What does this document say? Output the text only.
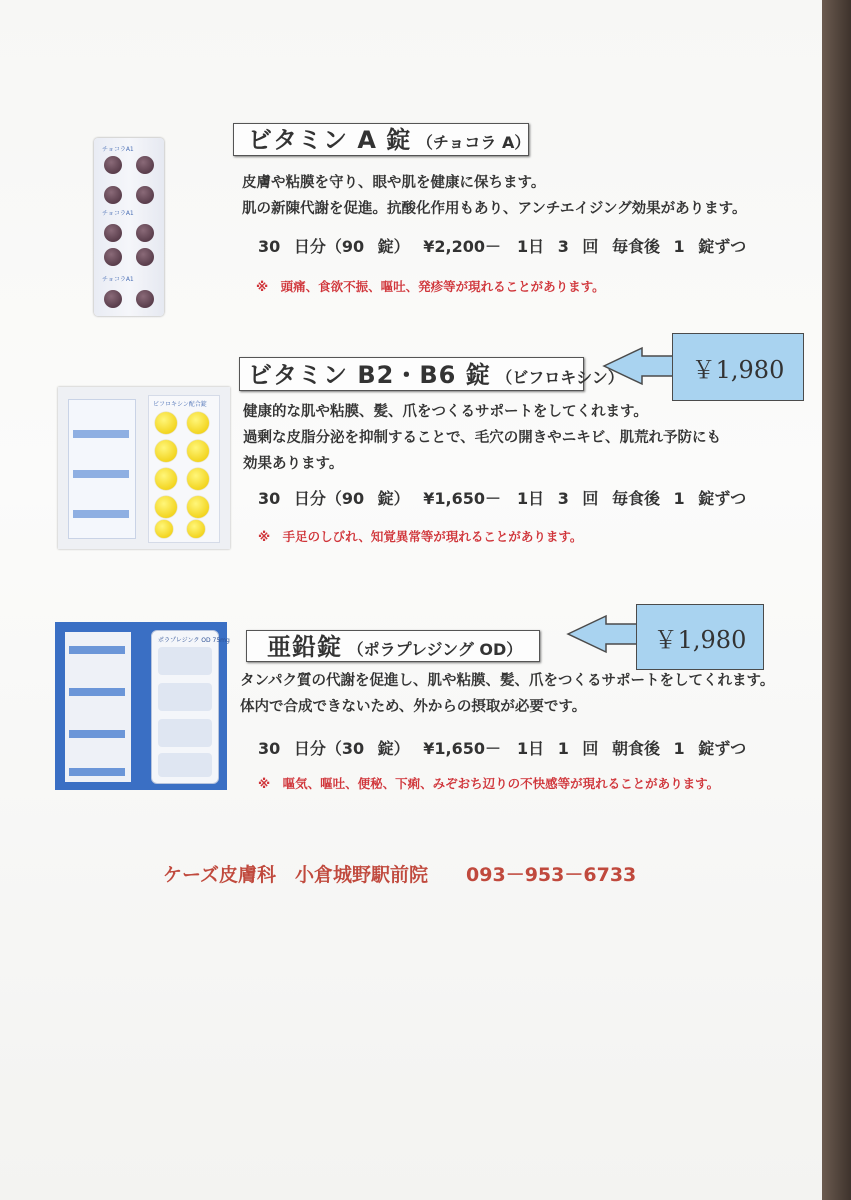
チョコラA1
チョコラA1
チョコラA1
ビタミン A 錠 （チョコラ A）
皮膚や粘膜を守り、眼や肌を健康に保ちます。
肌の新陳代謝を促進。抗酸化作用もあり、アンチエイジング効果があります。
30 日分（90 錠） ¥2,200－　1日 3 回 毎食後 1 錠ずつ
※　頭痛、食欲不振、嘔吐、発疹等が現れることがあります。
￥1,980
ビフロキシン配合錠
ビタミン B2・B6 錠 （ビフロキシン）
健康的な肌や粘膜、髪、爪をつくるサポートをしてくれます。
過剰な皮脂分泌を抑制することで、毛穴の開きやニキビ、肌荒れ予防にも
効果あります。
30 日分（90 錠） ¥1,650－　1日 3 回 毎食後 1 錠ずつ
※　手足のしびれ、知覚異常等が現れることがあります。
￥1,980
ポラプレジンク OD 75mg	亜鉛錠 （ポラプレジング OD）
タンパク質の代謝を促進し、肌や粘膜、髪、爪をつくるサポートをしてくれます。
体内で合成できないため、外からの摂取が必要です。
30 日分（30 錠） ¥1,650－　1日 1 回 朝食後 1 錠ずつ
※　嘔気、嘔吐、便秘、下痢、みぞおち辺りの不快感等が現れることがあります。
ケーズ皮膚科　小倉城野駅前院　　093－953－6733
